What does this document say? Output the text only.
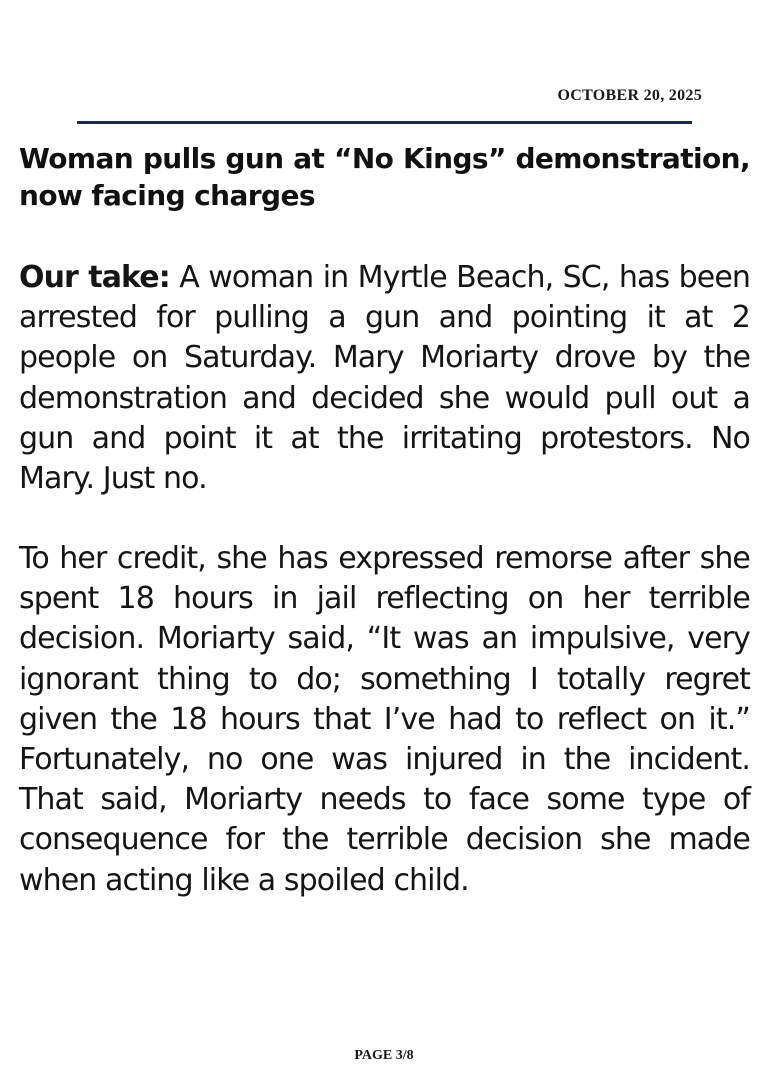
OCTOBER 20, 2025
Woman pulls gun at “No Kings” demonstration, now facing charges

Our take: A woman in Myrtle Beach, SC, has been arrested for pulling a gun and pointing it at 2 people on Saturday. Mary Moriarty drove by the demonstration and decided she would pull out a gun and point it at the irritating protestors. No Mary. Just no.

To her credit, she has expressed remorse after she spent 18 hours in jail reflecting on her terrible decision. Moriarty said, “It was an impulsive, very ignorant thing to do; something I totally regret given the 18 hours that I’ve had to reflect on it.” Fortunately, no one was injured in the incident. That said, Moriarty needs to face some type of consequence for the terrible decision she made when acting like a spoiled child.

PAGE 3/8
